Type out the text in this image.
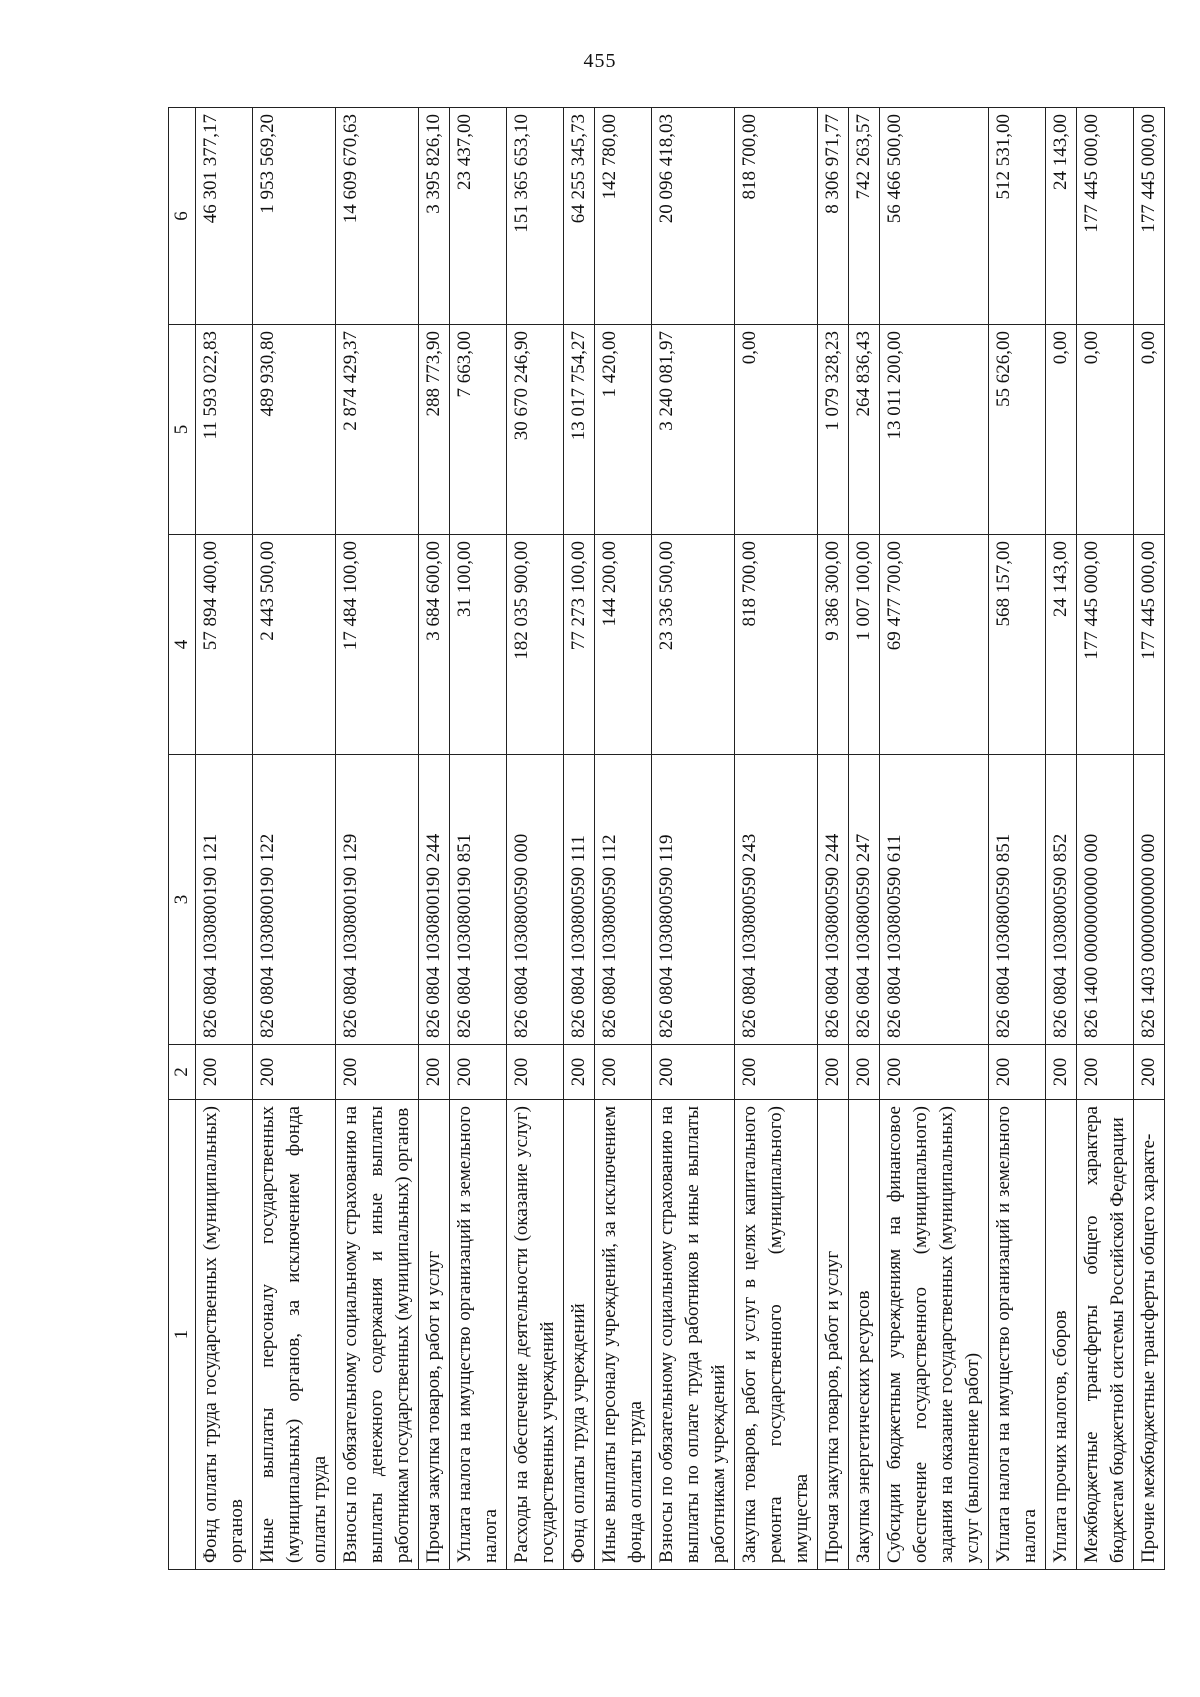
455
1	2	3	4	5	6
Фонд оплаты труда государственных (муниципальных) органов	200	826 0804 1030800190 121	57 894 400,00	11 593 022,83	46 301 377,17
Иные выплаты персоналу государственных (муниципальных) органов, за исключением фонда оплаты труда	200	826 0804 1030800190 122	2 443 500,00	489 930,80	1 953 569,20
Взносы по обязательному социальному страхованию на выплаты денежного содержания и иные выплаты работникам государственных (муниципальных) органов	200	826 0804 1030800190 129	17 484 100,00	2 874 429,37	14 609 670,63
Прочая закупка товаров, работ и услуг	200	826 0804 1030800190 244	3 684 600,00	288 773,90	3 395 826,10
Уплата налога на имущество организаций и земельного налога	200	826 0804 1030800190 851	31 100,00	7 663,00	23 437,00
Расходы на обеспечение деятельности (оказание услуг) государственных учреждений	200	826 0804 1030800590 000	182 035 900,00	30 670 246,90	151 365 653,10
Фонд оплаты труда учреждений	200	826 0804 1030800590 111	77 273 100,00	13 017 754,27	64 255 345,73
Иные выплаты персоналу учреждений, за исключением фонда оплаты труда	200	826 0804 1030800590 112	144 200,00	1 420,00	142 780,00
Взносы по обязательному социальному страхованию на выплаты по оплате труда работников и иные выплаты работникам учреждений	200	826 0804 1030800590 119	23 336 500,00	3 240 081,97	20 096 418,03
Закупка товаров, работ и услуг в целях капитального ремонта государственного (муниципального) имущества	200	826 0804 1030800590 243	818 700,00	0,00	818 700,00
Прочая закупка товаров, работ и услуг	200	826 0804 1030800590 244	9 386 300,00	1 079 328,23	8 306 971,77
Закупка энергетических ресурсов	200	826 0804 1030800590 247	1 007 100,00	264 836,43	742 263,57
Субсидии бюджетным учреждениям на финансовое обеспечение государственного (муниципального) задания на оказание государственных (муниципальных) услуг (выполнение работ)	200	826 0804 1030800590 611	69 477 700,00	13 011 200,00	56 466 500,00
Уплата налога на имущество организаций и земельного налога	200	826 0804 1030800590 851	568 157,00	55 626,00	512 531,00
Уплата прочих налогов, сборов	200	826 0804 1030800590 852	24 143,00	0,00	24 143,00
Межбюджетные трансферты общего характера бюджетам бюджетной системы Российской Федерации	200	826 1400 0000000000 000	177 445 000,00	0,00	177 445 000,00
Прочие межбюджетные трансферты общего характе-	200	826 1403 0000000000 000	177 445 000,00	0,00	177 445 000,00
